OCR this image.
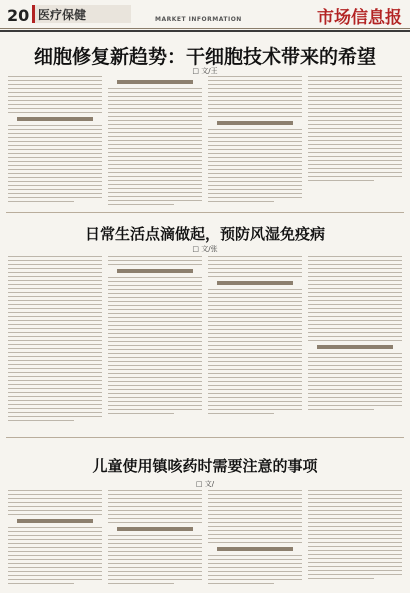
20 医疗保健	MARKET INFORMATION	市场信息报
细胞修复新趋势：干细胞技术带来的希望
□ 文/王
日常生活点滴做起，预防风湿免疫病
□ 文/张
儿童使用镇咳药时需要注意的事项
□ 文/
